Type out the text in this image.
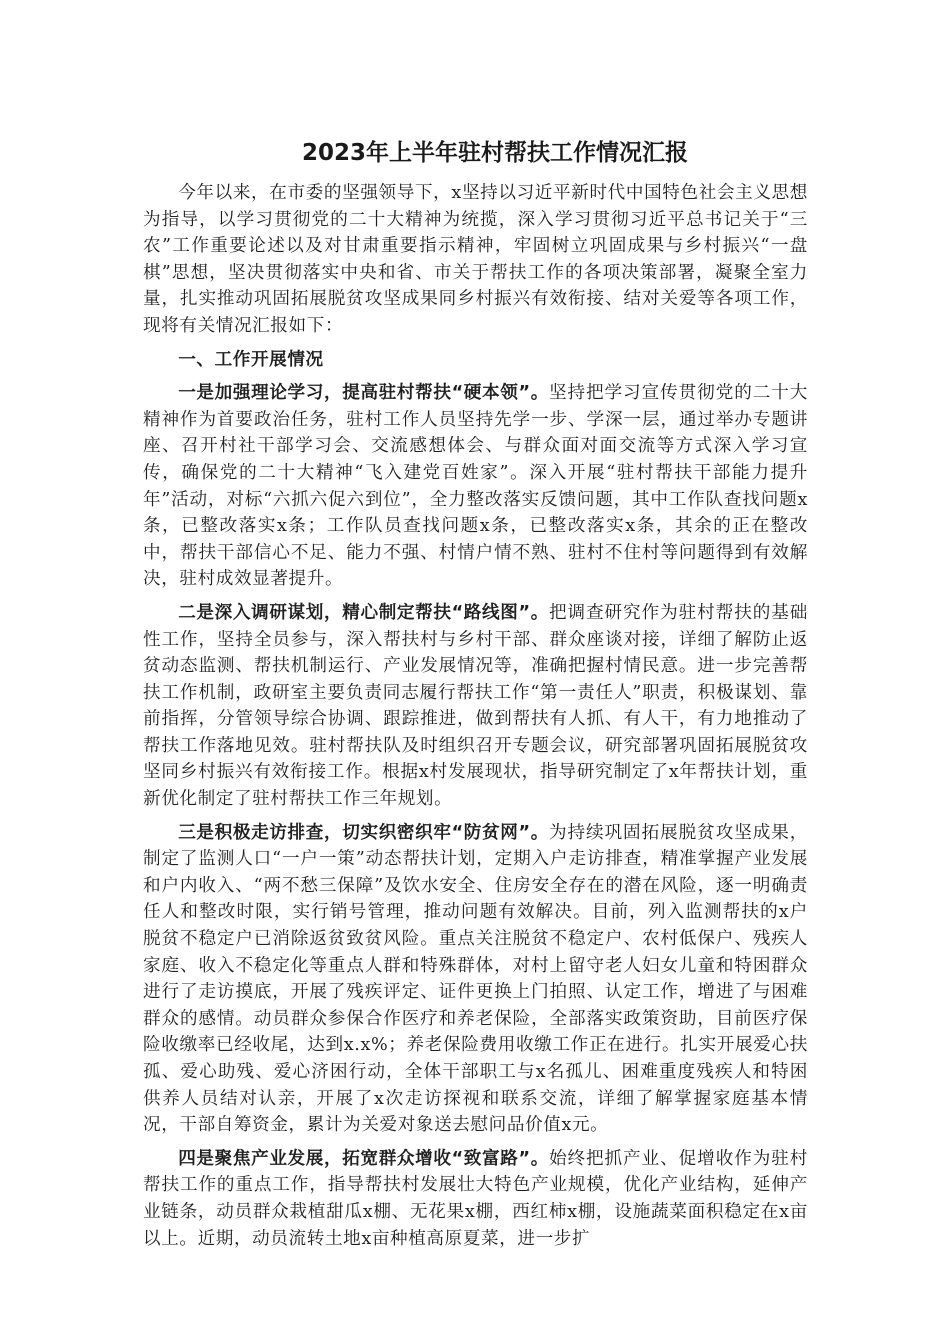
2023年上半年驻村帮扶工作情况汇报

今年以来，在市委的坚强领导下，x坚持以习近平新时代中国特色社会主义思想为指导，以学习贯彻党的二十大精神为统揽，深入学习贯彻习近平总书记关于“三农”工作重要论述以及对甘肃重要指示精神，牢固树立巩固成果与乡村振兴“一盘棋”思想，坚决贯彻落实中央和省、市关于帮扶工作的各项决策部署，凝聚全室力量，扎实推动巩固拓展脱贫攻坚成果同乡村振兴有效衔接、结对关爱等各项工作，现将有关情况汇报如下：

一、工作开展情况

一是加强理论学习，提高驻村帮扶“硬本领”。坚持把学习宣传贯彻党的二十大精神作为首要政治任务，驻村工作人员坚持先学一步、学深一层，通过举办专题讲座、召开村社干部学习会、交流感想体会、与群众面对面交流等方式深入学习宣传，确保党的二十大精神“飞入建党百姓家”。深入开展“驻村帮扶干部能力提升年”活动，对标“六抓六促六到位”，全力整改落实反馈问题，其中工作队查找问题x条，已整改落实x条；工作队员查找问题x条，已整改落实x条，其余的正在整改中，帮扶干部信心不足、能力不强、村情户情不熟、驻村不住村等问题得到有效解决，驻村成效显著提升。

二是深入调研谋划，精心制定帮扶“路线图”。把调查研究作为驻村帮扶的基础性工作，坚持全员参与，深入帮扶村与乡村干部、群众座谈对接，详细了解防止返贫动态监测、帮扶机制运行、产业发展情况等，准确把握村情民意。进一步完善帮扶工作机制，政研室主要负责同志履行帮扶工作“第一责任人”职责，积极谋划、靠前指挥，分管领导综合协调、跟踪推进，做到帮扶有人抓、有人干，有力地推动了帮扶工作落地见效。驻村帮扶队及时组织召开专题会议，研究部署巩固拓展脱贫攻坚同乡村振兴有效衔接工作。根据x村发展现状，指导研究制定了x年帮扶计划，重新优化制定了驻村帮扶工作三年规划。

三是积极走访排查，切实织密织牢“防贫网”。为持续巩固拓展脱贫攻坚成果，制定了监测人口“一户一策”动态帮扶计划，定期入户走访排查，精准掌握产业发展和户内收入、“两不愁三保障”及饮水安全、住房安全存在的潜在风险，逐一明确责任人和整改时限，实行销号管理，推动问题有效解决。目前，列入监测帮扶的x户脱贫不稳定户已消除返贫致贫风险。重点关注脱贫不稳定户、农村低保户、残疾人家庭、收入不稳定化等重点人群和特殊群体，对村上留守老人妇女儿童和特困群众进行了走访摸底，开展了残疾评定、证件更换上门拍照、认定工作，增进了与困难群众的感情。动员群众参保合作医疗和养老保险，全部落实政策资助，目前医疗保险收缴率已经收尾，达到x.x%；养老保险费用收缴工作正在进行。扎实开展爱心扶孤、爱心助残、爱心济困行动，全体干部职工与x名孤儿、困难重度残疾人和特困供养人员结对认亲，开展了x次走访探视和联系交流，详细了解掌握家庭基本情况，干部自筹资金，累计为关爱对象送去慰问品价值x元。

四是聚焦产业发展，拓宽群众增收“致富路”。始终把抓产业、促增收作为驻村帮扶工作的重点工作，指导帮扶村发展壮大特色产业规模，优化产业结构，延伸产业链条，动员群众栽植甜瓜x棚、无花果x棚，西红柿x棚，设施蔬菜面积稳定在x亩以上。近期，动员流转土地x亩种植高原夏菜，进一步扩
